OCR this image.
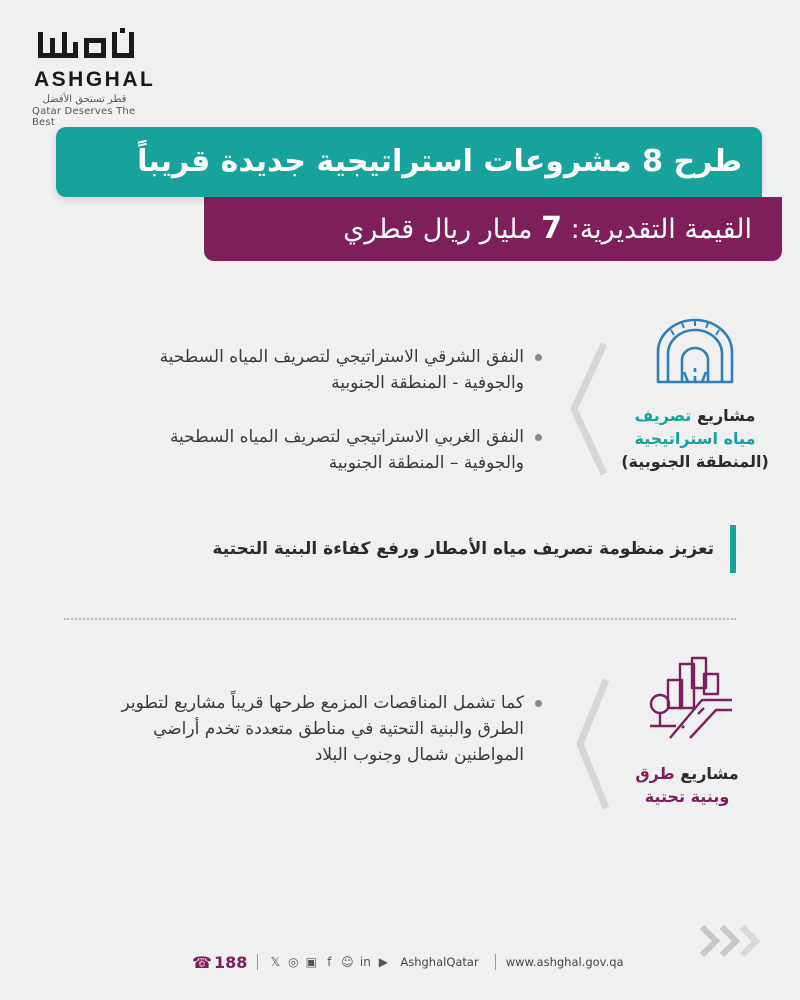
ASHGHAL
قطر تستحق الأفضل
Qatar Deserves The Best
طرح 8 مشروعات استراتيجية جديدة قريباً
القيمة التقديرية: 7 مليار ريال قطري
مشاريع تصريف
مياه استراتيجية
(المنطقة الجنوبية)
النفق الشرقي الاستراتيجي لتصريف المياه السطحية والجوفية - المنطقة الجنوبية
النفق الغربي الاستراتيجي لتصريف المياه السطحية والجوفية – المنطقة الجنوبية
تعزيز منظومة تصريف مياه الأمطار ورفع كفاءة البنية التحتية
مشاريع طرق
وبنية تحتية
كما تشمل المناقصات المزمع طرحها قريباً مشاريع لتطوير الطرق والبنية التحتية في مناطق متعددة تخدم أراضي المواطنين شمال وجنوب البلاد
☎ 188 𝕏 ◎ ▣ f ☺ in ▶ AshghalQatar www.ashghal.gov.qa
